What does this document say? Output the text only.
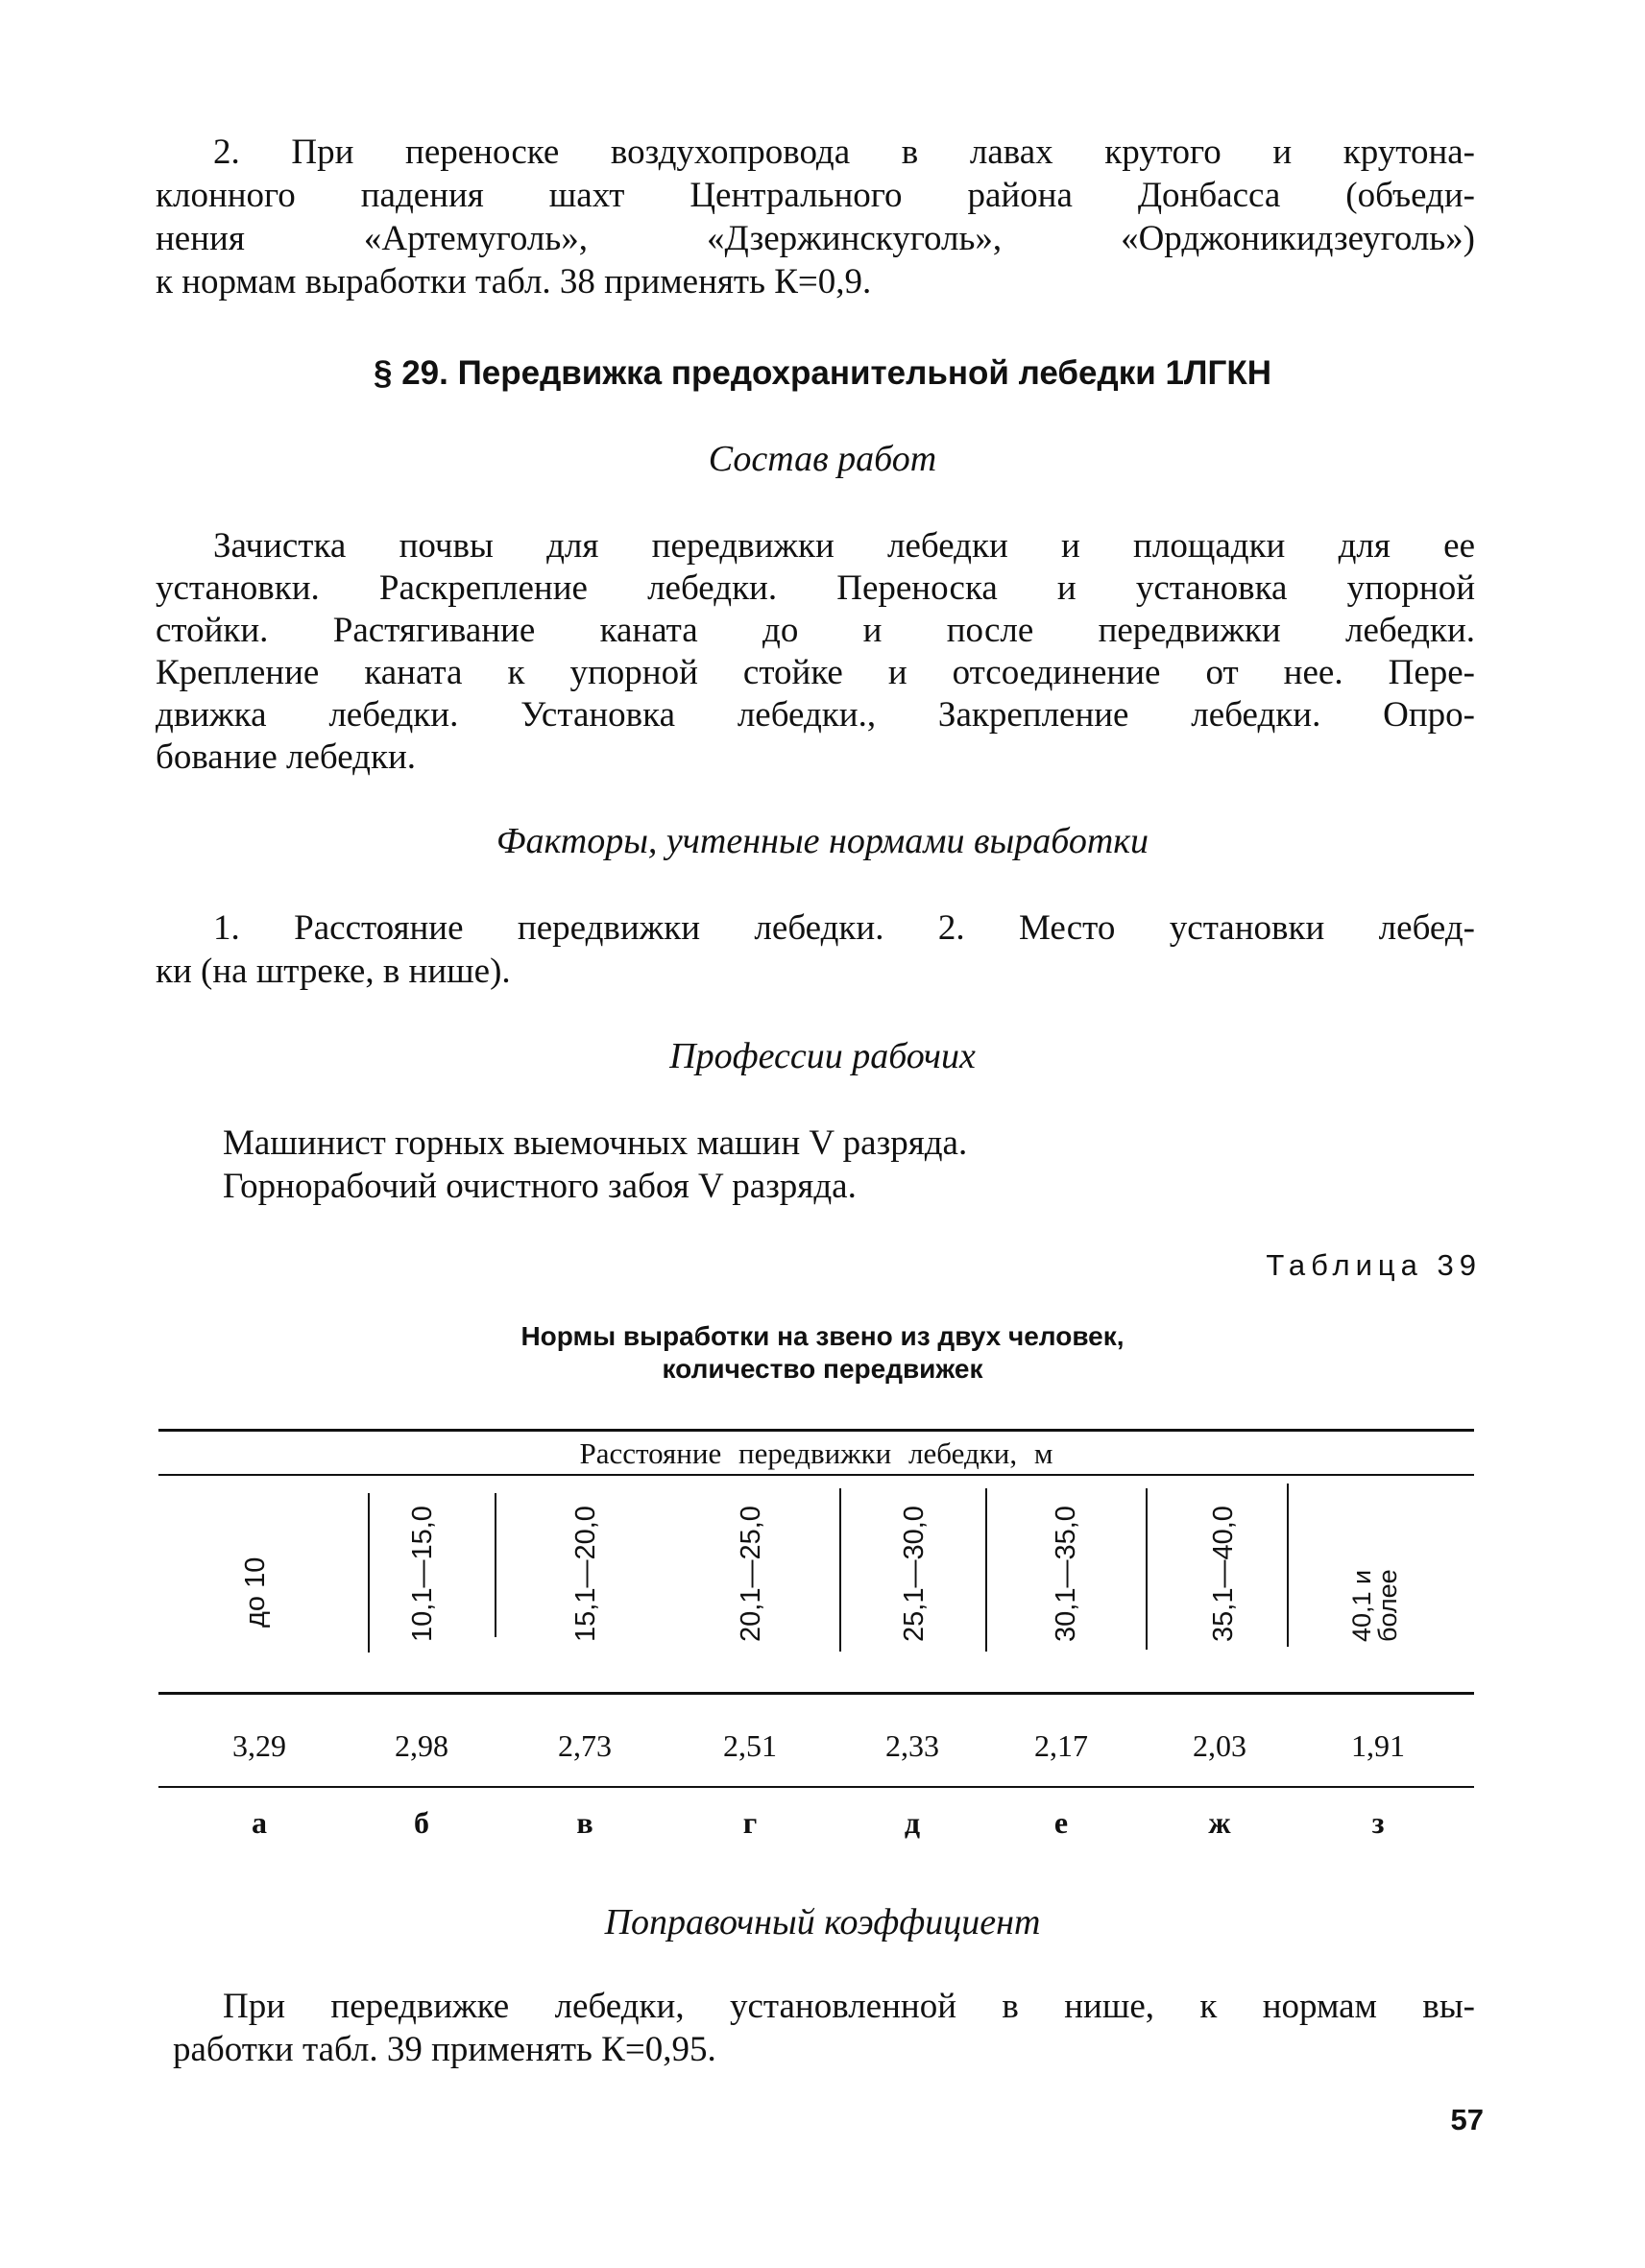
2. При переноске воздухопровода в лавах крутого и крутона-
клонного падения шахт Центрального района Донбасса (объеди-
нения «Артемуголь», «Дзержинскуголь», «Орджоникидзеуголь»)
к нормам выработки табл. 38 применять К=0,9.
§ 29. Передвижка предохранительной лебедки 1ЛГКН
Состав работ
Зачистка почвы для передвижки лебедки и площадки для ее
установки. Раскрепление лебедки. Переноска и установка упорной
стойки. Растягивание каната до и после передвижки лебедки.
Крепление каната к упорной стойке и отсоединение от нее. Пере-
движка лебедки. Установка лебедки., Закрепление лебедки. Опро-
бование лебедки.
Факторы, учтенные нормами выработки
1. Расстояние передвижки лебедки. 2. Место установки лебед-
ки (на штреке, в нише).
Профессии рабочих
Машинист горных выемочных машин V разряда.
Горнорабочий очистного забоя V разряда.
Таблица 39
Нормы выработки на звено из двух человек,
количество передвижек
Расстояние передвижки лебедки, м
до 10	10,1—15,0	15,1—20,0	20,1—25,0	25,1—30,0	30,1—35,0	35,1—40,0	40,1 и
более
3,29	2,98	2,73	2,51	2,33	2,17	2,03	1,91
а	б	в	г	д	е	ж	з
Поправочный коэффициент
При передвижке лебедки, установленной в нише, к нормам вы-
работки табл. 39 применять К=0,95.
57
